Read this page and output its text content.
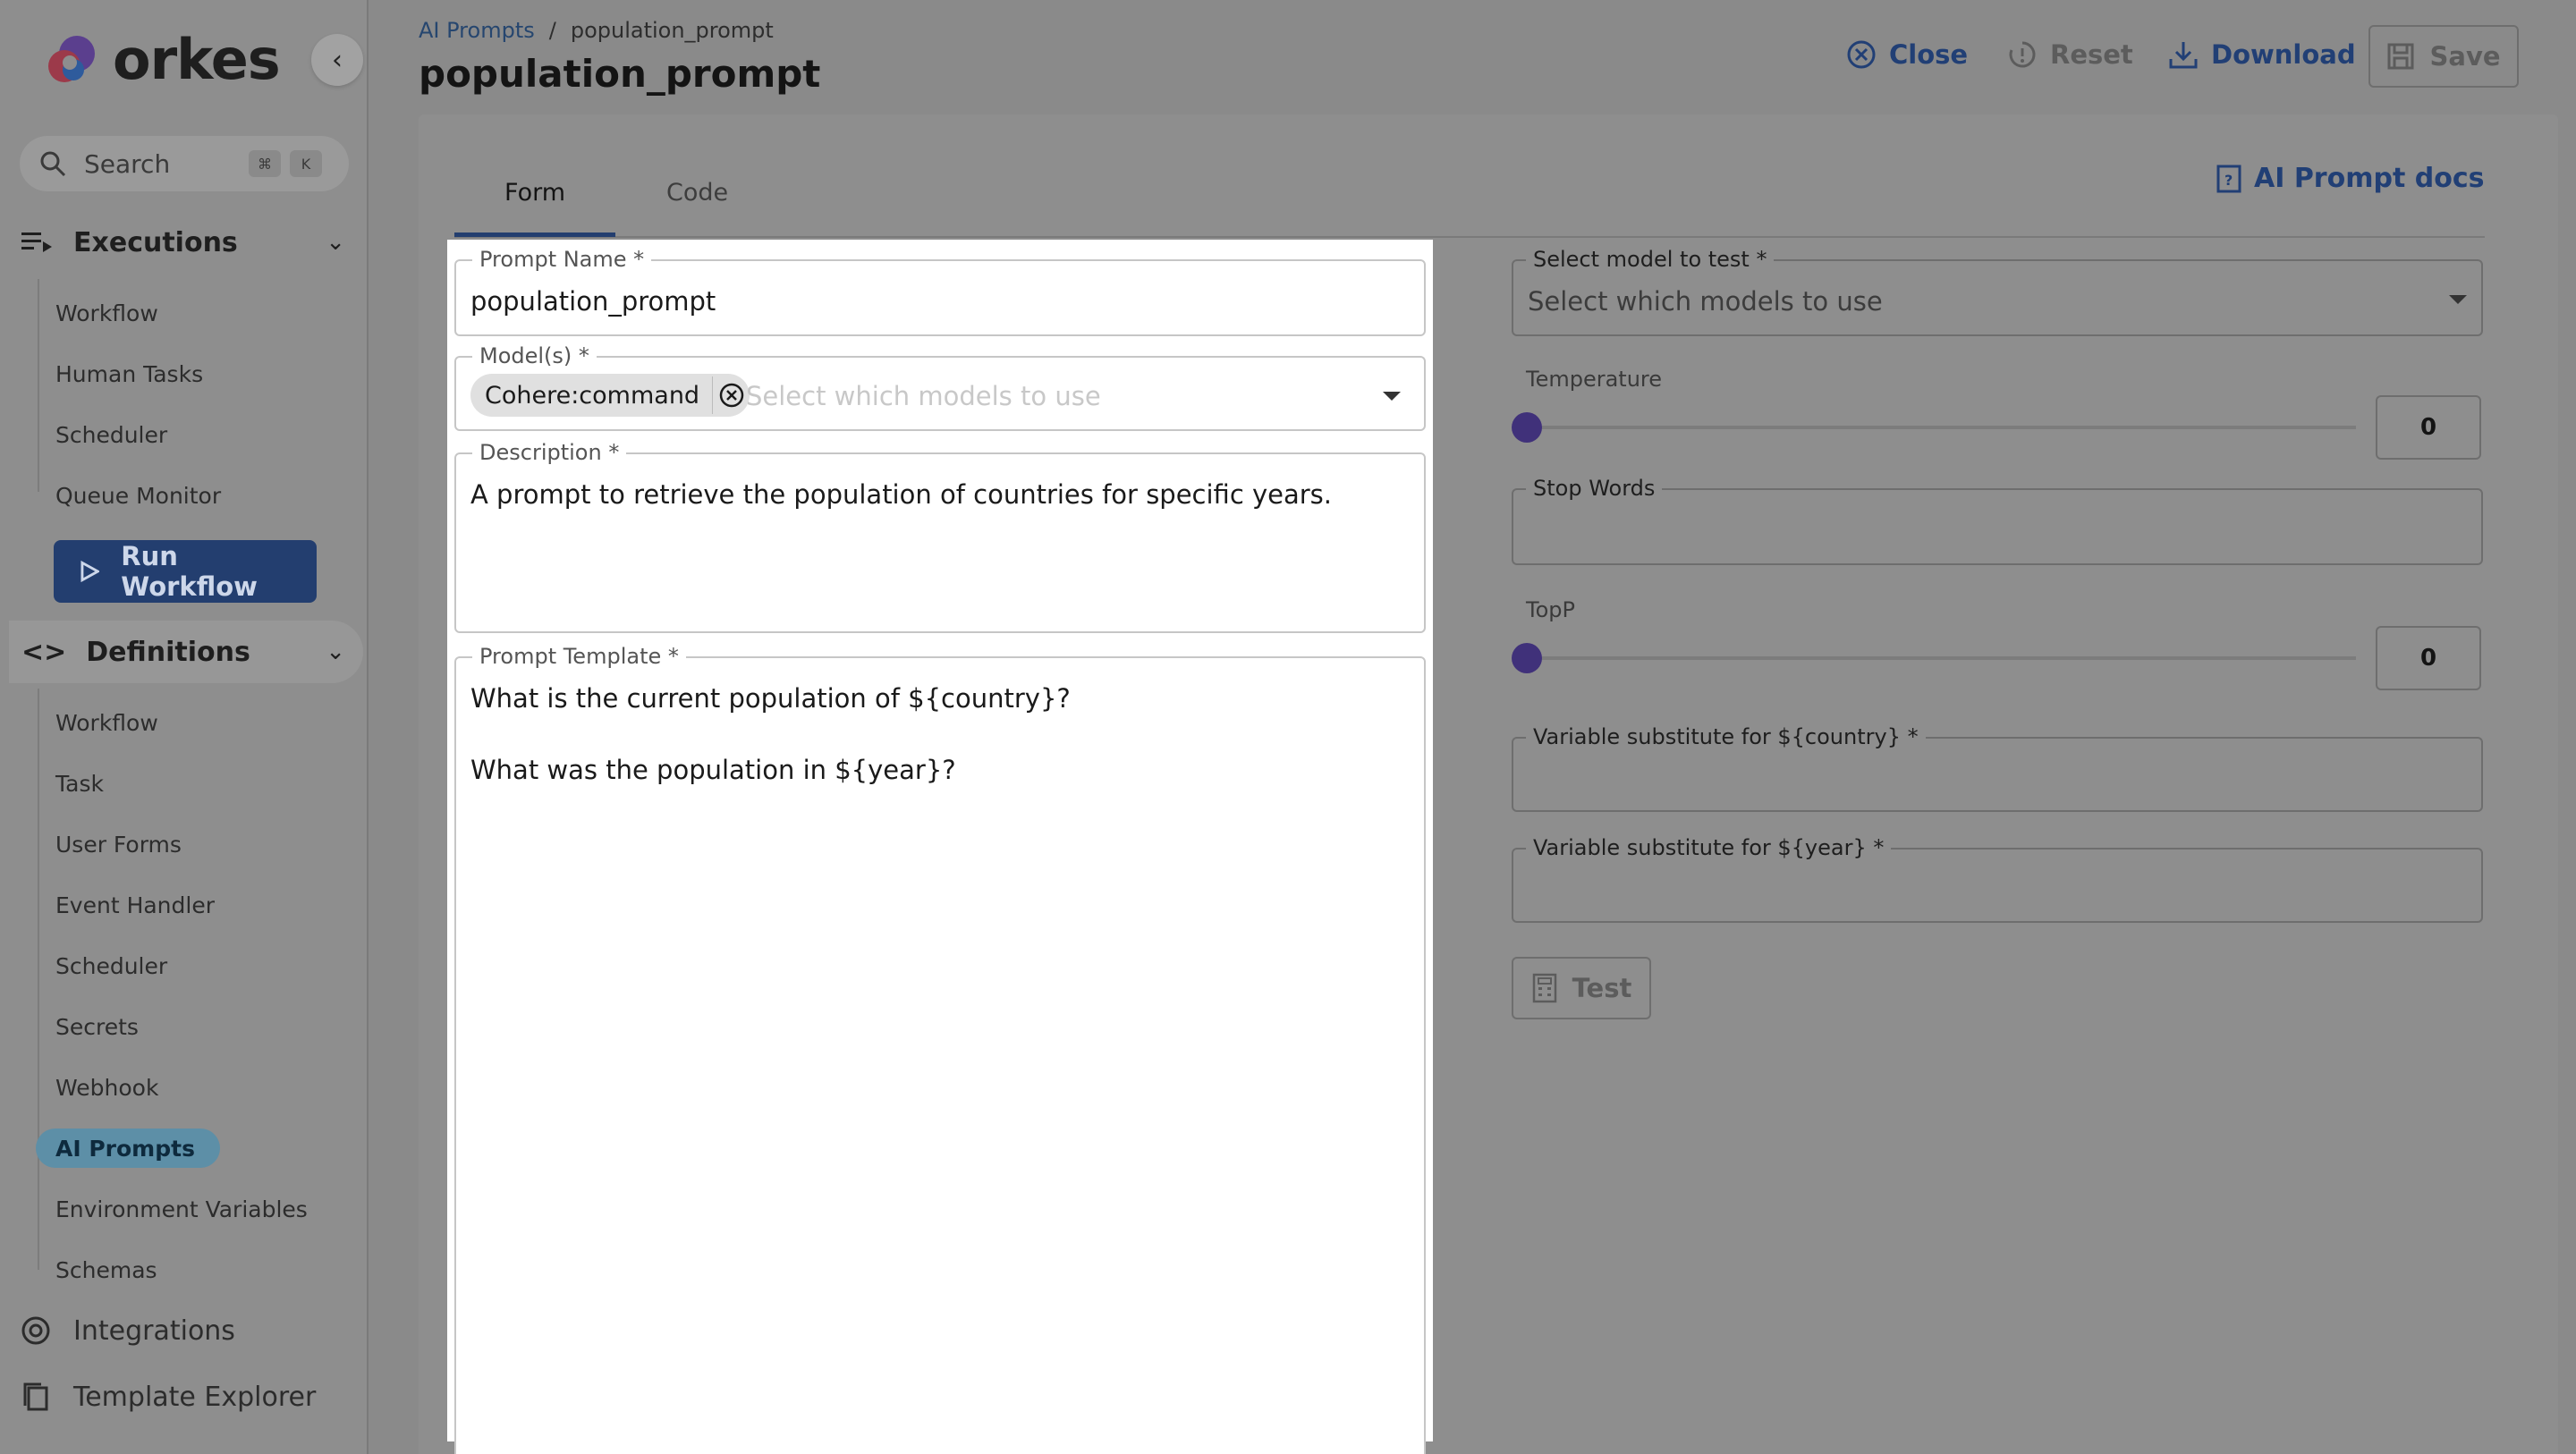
orkes ‹
Search	⌘	K
Executions	⌄
Workflow
Human Tasks
Scheduler
Queue Monitor
Run Workflow
<> Definitions	⌄
Workflow
Task
User Forms
Event Handler
Scheduler
Secrets
Webhook
AI Prompts
Environment Variables
Schemas
Integrations
Template Explorer
AI Prompts / population_prompt
population_prompt	Close	Reset	Download	Save
Form	Code	? AI Prompt docs
Prompt Name *
population_prompt
Model(s) *
Cohere:command Select which models to use
Description *
A prompt to retrieve the population of countries for specific years.
Prompt Template *
What is the current population of ${country}?
What was the population in ${year}?
Select model to test *
Select which models to use
Temperature
0
Stop Words
TopP
0
Variable substitute for ${country} *
Variable substitute for ${year} *
Test
